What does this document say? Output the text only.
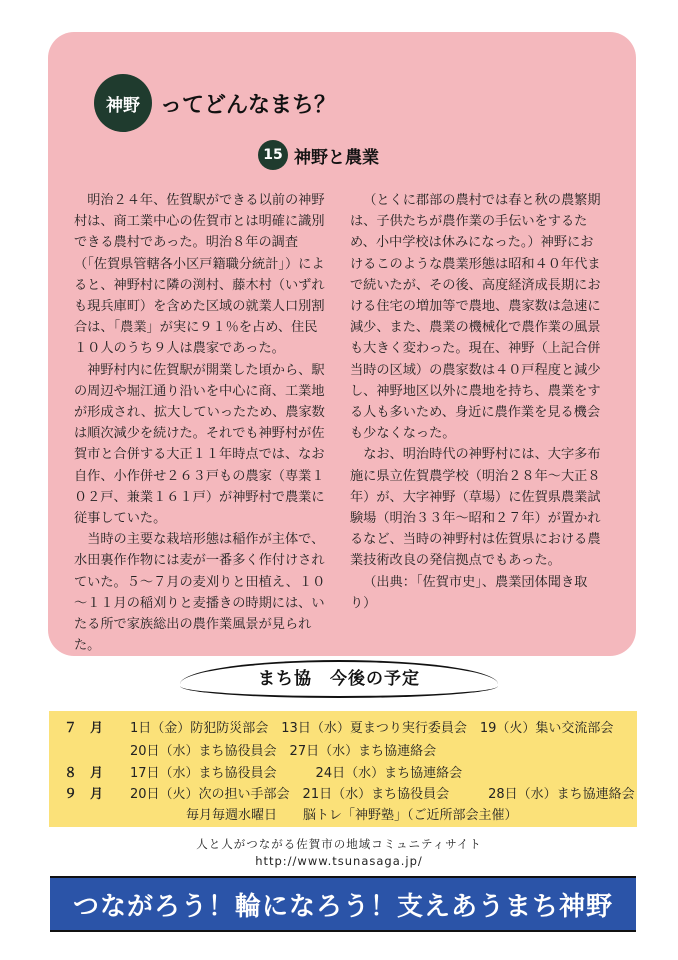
神野 ってどんなまち？
15 神野と農業

明治２４年、佐賀駅ができる以前の神野村は、商工業中心の佐賀市とは明確に識別できる農村であった。明治８年の調査（「佐賀県管轄各小区戸籍職分統計」）によると、神野村に隣の渕村、藤木村（いずれも現兵庫町）を含めた区域の就業人口別割合は、「農業」が実に９１％を占め、住民１０人のうち９人は農家であった。

神野村内に佐賀駅が開業した頃から、駅の周辺や堀江通り沿いを中心に商、工業地が形成され、拡大していったため、農家数は順次減少を続けた。それでも神野村が佐賀市と合併する大正１１年時点では、なお自作、小作併せ２６３戸もの農家（専業１０２戸、兼業１６１戸）が神野村で農業に従事していた。

当時の主要な栽培形態は稲作が主体で、水田裏作作物には麦が一番多く作付けされていた。５～７月の麦刈りと田植え、１０～１１月の稲刈りと麦播きの時期には、いたる所で家族総出の農作業風景が見られた。

（とくに郡部の農村では春と秋の農繁期は、子供たちが農作業の手伝いをするため、小中学校は休みになった。）神野におけるこのような農業形態は昭和４０年代まで続いたが、その後、高度経済成長期における住宅の増加等で農地、農家数は急速に減少、また、農業の機械化で農作業の風景も大きく変わった。現在、神野（上記合併当時の区域）の農家数は４０戸程度と減少し、神野地区以外に農地を持ち、農業をする人も多いため、身近に農作業を見る機会も少なくなった。

なお、明治時代の神野村には、大字多布施に県立佐賀農学校（明治２８年～大正８年）が、大字神野（草場）に佐賀県農業試験場（明治３３年～昭和２７年）が置かれるなど、当時の神野村は佐賀県における農業技術改良の発信拠点でもあった。

（出典：「佐賀市史」、農業団体聞き取り）

まち協　今後の予定
７　月 1日（金）防犯防災部会　13日（水）夏まつり実行委員会　19（火）集い交流部会
20日（水）まち協役員会　27日（水）まち協連絡会
８　月 17日（水）まち協役員会　　　24日（水）まち協連絡会
９　月 20日（火）次の担い手部会　21日（水）まち協役員会　　　28日（水）まち協連絡会
毎月毎週水曜日　　脳トレ「神野塾」（ご近所部会主催）
人と人がつながる佐賀市の地域コミュニティサイト
http://www.tsunasaga.jp/
つながろう！輪になろう！支えあうまち神野
